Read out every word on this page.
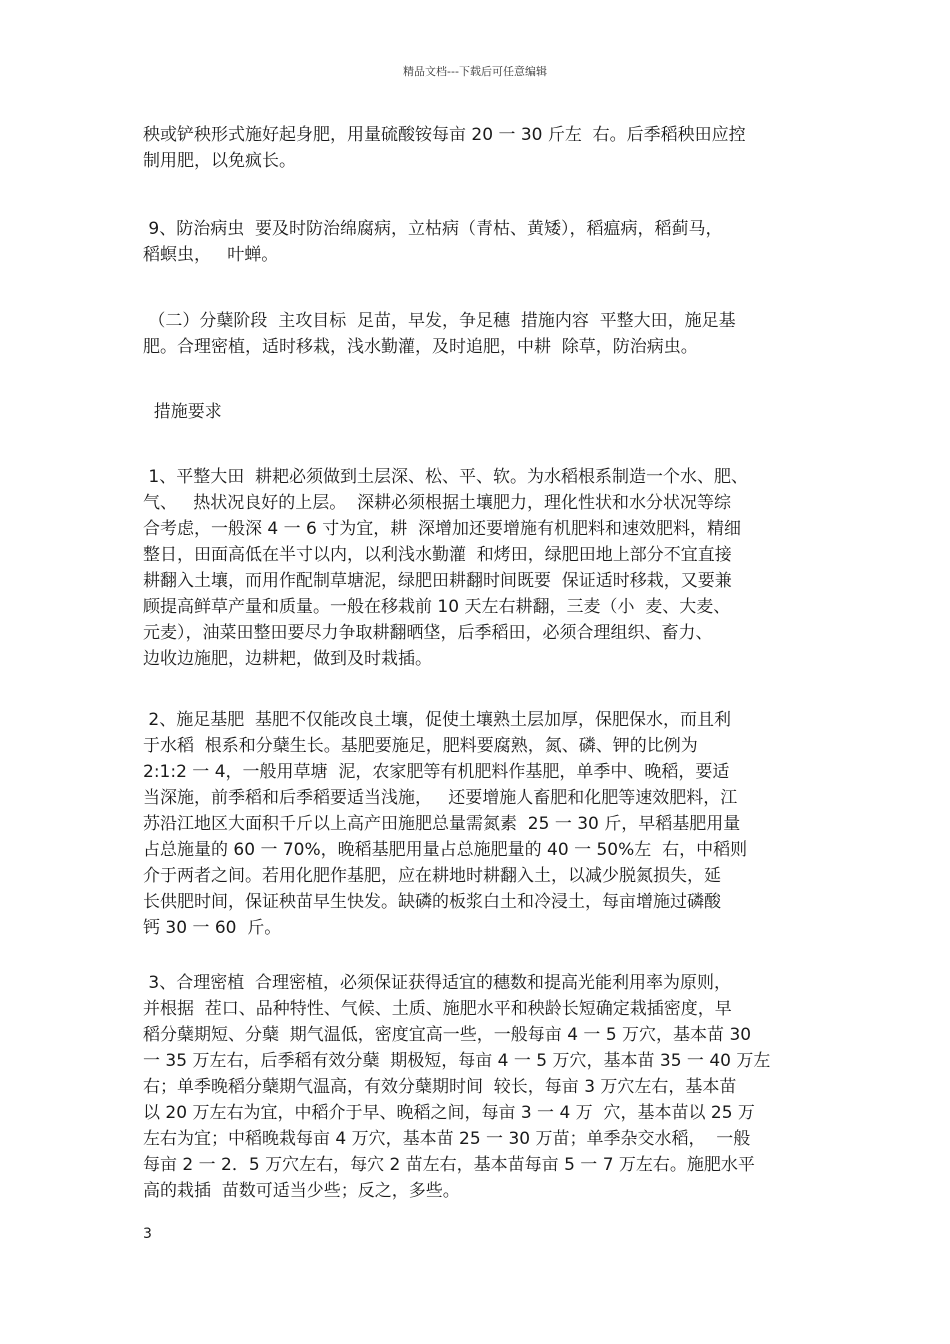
精品文档---下载后可任意编辑
秧或铲秧形式施好起身肥，用量硫酸铵每亩 20 一 30 斤左  右。后季稻秧田应控
制用肥，以免疯长。
9、防治病虫  要及时防治绵腐病，立枯病（青枯、黄矮），稻瘟病，稻蓟马，
稻螟虫，   叶蝉。
（二）分蘖阶段  主攻目标  足苗，早发，争足穗  措施内容  平整大田，施足基
肥。合理密植，适时移栽，浅水勤灌，及时追肥，中耕  除草，防治病虫。
措施要求
1、平整大田  耕耙必须做到土层深、松、平、软。为水稻根系制造一个水、肥、
气、   热状况良好的上层。  深耕必须根据土壤肥力，理化性状和水分状况等综
合考虑，一般深 4 一 6 寸为宜，耕  深增加还要增施有机肥料和速效肥料，精细
整日，田面高低在半寸以内，以利浅水勤灌  和烤田，绿肥田地上部分不宜直接
耕翻入土壤，而用作配制草塘泥，绿肥田耕翻时间既要  保证适时移栽，又要兼
顾提高鲜草产量和质量。一般在移栽前 10 天左右耕翻，三麦（小  麦、大麦、
元麦），油菜田整田要尽力争取耕翻晒垡，后季稻田，必须合理组织、畜力、
边收边施肥，边耕耙，做到及时栽插。
2、施足基肥  基肥不仅能改良土壤，促使土壤熟土层加厚，保肥保水，而且利
于水稻  根系和分蘖生长。基肥要施足，肥料要腐熟，氮、磷、钾的比例为
2:1:2 一 4，一般用草塘  泥，农家肥等有机肥料作基肥，单季中、晚稻，要适
当深施，前季稻和后季稻要适当浅施，   还要增施人畜肥和化肥等速效肥料，江
苏沿江地区大面积千斤以上高产田施肥总量需氮素  25 一 30 斤，早稻基肥用量
占总施量的 60 一 70%，晚稻基肥用量占总施肥量的 40 一 50%左  右，中稻则
介于两者之间。若用化肥作基肥，应在耕地时耕翻入土，以减少脱氮损失，延
长供肥时间，保证秧苗早生快发。缺磷的板浆白土和冷浸土，每亩增施过磷酸
钙 30 一 60  斤。
3、合理密植  合理密植，必须保证获得适宜的穗数和提高光能利用率为原则，
并根据  茬口、品种特性、气候、土质、施肥水平和秧龄长短确定栽插密度，早
稻分蘖期短、分蘖  期气温低，密度宜高一些，一般每亩 4 一 5 万穴，基本苗 30
一 35 万左右，后季稻有效分蘖  期极短，每亩 4 一 5 万穴，基本苗 35 一 40 万左
右；单季晚稻分蘖期气温高，有效分蘖期时间  较长，每亩 3 万穴左右，基本苗
以 20 万左右为宜，中稻介于早、晚稻之间，每亩 3 一 4 万  穴，基本苗以 25 万
左右为宜；中稻晚栽每亩 4 万穴，基本苗 25 一 30 万苗；单季杂交水稻，  一般
每亩 2 一 2．5 万穴左右，每穴 2 苗左右，基本苗每亩 5 一 7 万左右。施肥水平
高的栽插  苗数可适当少些；反之，多些。
3
